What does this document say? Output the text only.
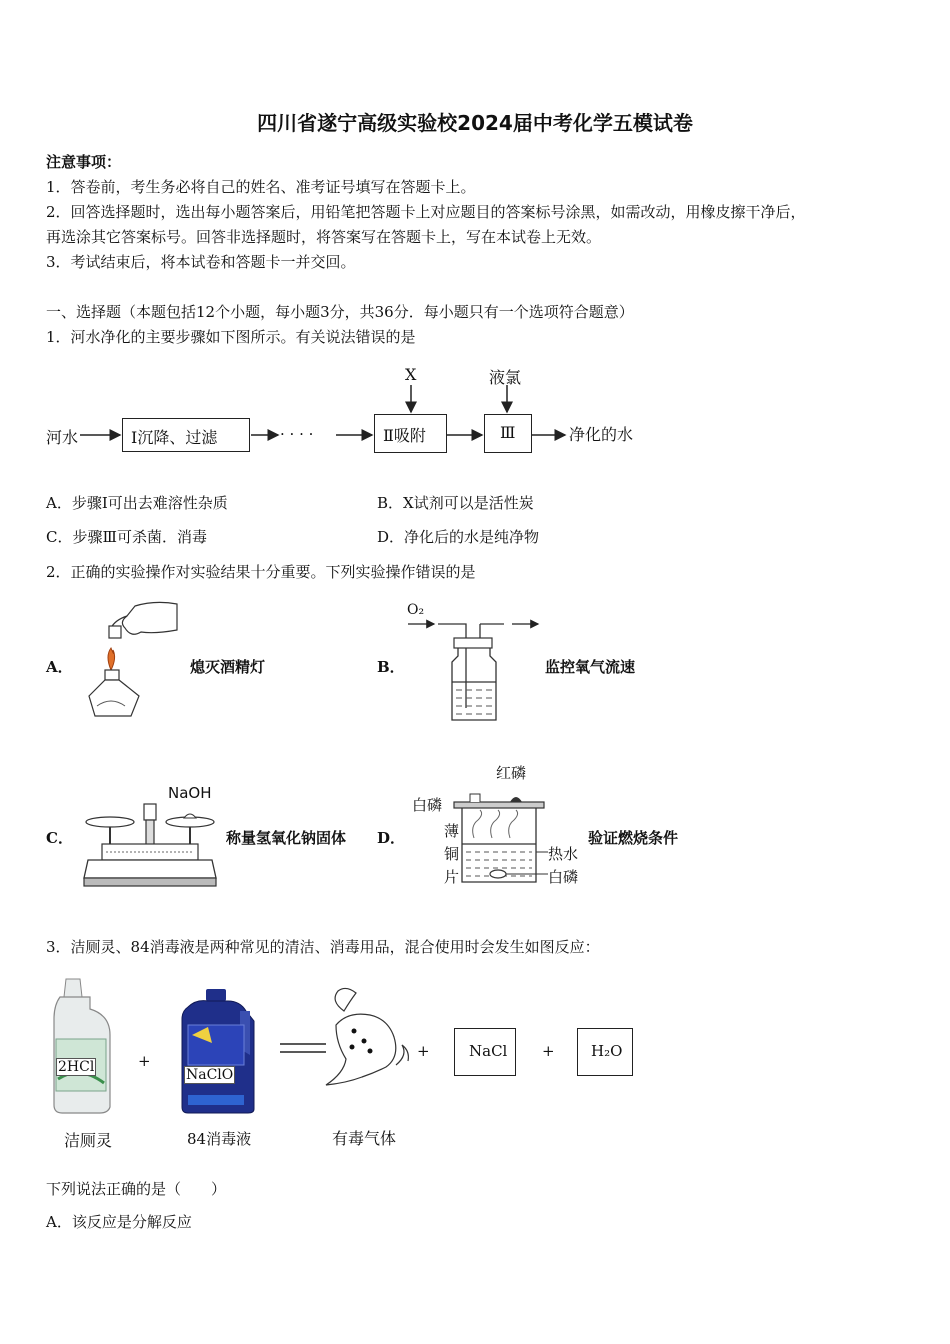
四川省遂宁高级实验校2024届中考化学五模试卷
注意事项：
1．答卷前，考生务必将自己的姓名、准考证号填写在答题卡上。
2．回答选择题时，选出每小题答案后，用铅笔把答题卡上对应题目的答案标号涂黑，如需改动，用橡皮擦干净后，
再选涂其它答案标号。回答非选择题时，将答案写在答题卡上，写在本试卷上无效。
3．考试结束后，将本试卷和答题卡一并交回。
一、选择题（本题包括12个小题，每小题3分，共36分．每小题只有一个选项符合题意）
1．河水净化的主要步骤如下图所示。有关说法错误的是
河水	Ⅰ沉降、过滤	· · · ·	Ⅱ吸附	Ⅲ
X	液氯
净化的水
A．步骤Ⅰ可出去难溶性杂质	B．X试剂可以是活性炭
C．步骤Ⅲ可杀菌．消毒	D．净化后的水是纯净物
2．正确的实验操作对实验结果十分重要。下列实验操作错误的是
A．	熄灭酒精灯	B．
O₂
监控氧气流速
C．
NaOH
称量氢氧化钠固体 D．
红磷
白磷
薄
铜
片
热水
白磷
验证燃烧条件
3．洁厕灵、84消毒液是两种常见的清洁、消毒用品，混合使用时会发生如图反应：
2HCl
洁厕灵
+
NaClO
84消毒液	有毒气体
+	NaCl + H₂O
下列说法正确的是（　　）
A．该反应是分解反应
